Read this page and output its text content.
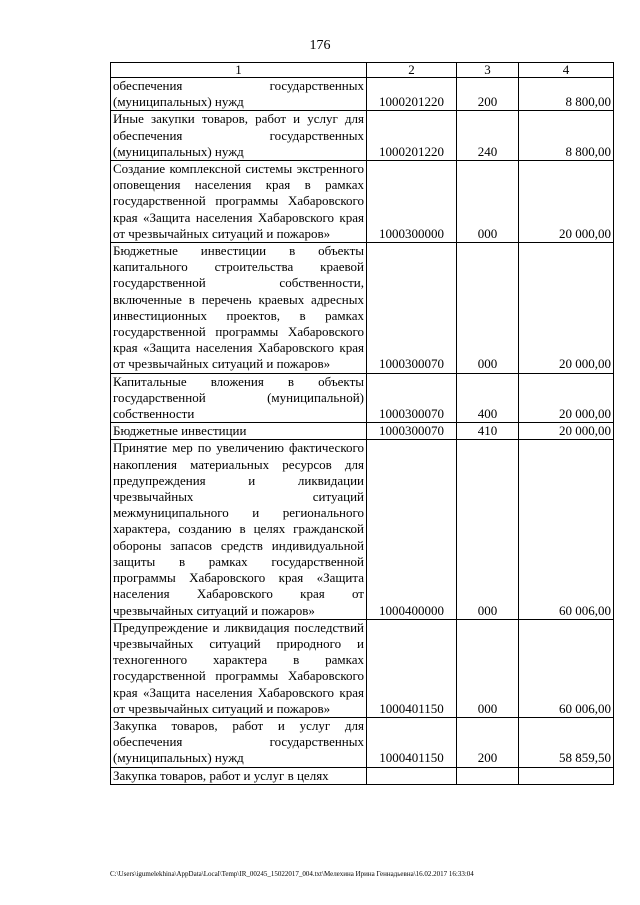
176
1	2	3	4
обеспечения государственных (муниципальных) нужд	1000201220	200	8 800,00
Иные закупки товаров, работ и услуг для обеспечения государственных (муниципальных) нужд	1000201220	240	8 800,00
Создание комплексной системы экстренного оповещения населения края в рамках государственной программы Хабаровского края «Защита населения Хабаровского края от чрезвычайных ситуаций и пожаров»	1000300000	000	20 000,00
Бюджетные инвестиции в объекты капитального строительства краевой государственной собственности, включенные в перечень краевых адресных инвестиционных проектов, в рамках государственной программы Хабаровского края «Защита населения Хабаровского края от чрезвычайных ситуаций и пожаров»	1000300070	000	20 000,00
Капитальные вложения в объекты государственной (муниципальной) собственности	1000300070	400	20 000,00
Бюджетные инвестиции	1000300070	410	20 000,00
Принятие мер по увеличению фактического накопления материальных ресурсов для предупреждения и ликвидации чрезвычайных ситуаций межмуниципального и регионального характера, созданию в целях гражданской обороны запасов средств индивидуальной защиты в рамках государственной программы Хабаровского края «Защита населения Хабаровского края от чрезвычайных ситуаций и пожаров»	1000400000	000	60 006,00
Предупреждение и ликвидация последствий чрезвычайных ситуаций природного и техногенного характера в рамках государственной программы Хабаровского края «Защита населения Хабаровского края от чрезвычайных ситуаций и пожаров»	1000401150	000	60 006,00
Закупка товаров, работ и услуг для обеспечения государственных (муниципальных) нужд	1000401150	200	58 859,50
Закупка товаров, работ и услуг в целях			
C:\Users\igumelekhina\AppData\Local\Temp\IR_00245_15022017_004.txt\Мелехина Ирина Геннадьевна\16.02.2017 16:33:04
